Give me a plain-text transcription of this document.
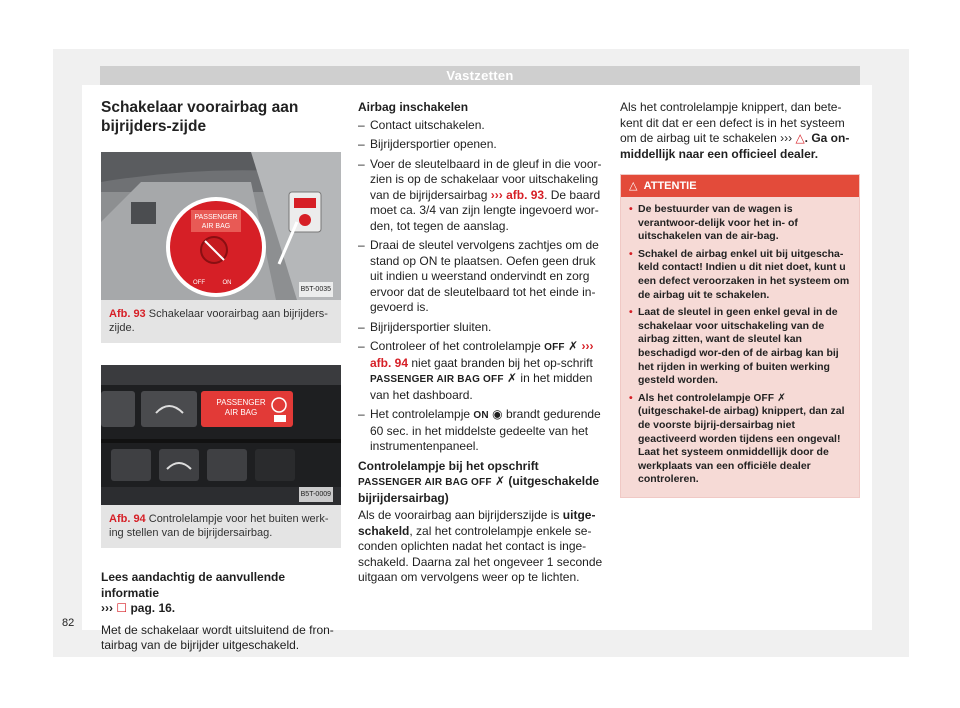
Vastzetten
Schakelaar voorairbag aan bijrijders-zijde
PASSENGER
AIR BAG
OFF	ON
B5T-0035
Afb. 93 Schakelaar voorairbag aan bijrijders-zijde.
PASSENGER
AIR BAG
B5T-0009
Afb. 94 Controlelampje voor het buiten werk-ing stellen van de bijrijdersairbag.

Lees aandachtig de aanvullende informatie
››› ☐ pag. 16.

Met de schakelaar wordt uitsluitend de fron-tairbag van de bijrijder uitgeschakeld.

Airbag inschakelen
– Contact uitschakelen.
– Bijrijdersportier openen.
– Voer de sleutelbaard in de gleuf in die voor-zien is op de schakelaar voor uitschakeling van de bijrijdersairbag ››› afb. 93. De baard moet ca. 3/4 van zijn lengte ingevoerd wor-den, tot tegen de aanslag.
– Draai de sleutel vervolgens zachtjes om de stand op ON te plaatsen. Oefen geen druk uit indien u weerstand ondervindt en zorg ervoor dat de sleutelbaard tot het einde in-gevoerd is.
– Bijrijdersportier sluiten.
– Controleer of het controlelampje OFF ✗ ››› afb. 94 niet gaat branden bij het op-schrift PASSENGER AIR BAG OFF ✗ in het midden van het dashboard.
– Het controlelampje ON ◉ brandt gedurende 60 sec. in het middelste gedeelte van het instrumentenpaneel.
Controlelampje bij het opschrift PASSENGER AIR BAG OFF ✗ (uitgeschakelde bijrijdersairbag)

Als de voorairbag aan bijrijderszijde is uitge-schakeld, zal het controlelampje enkele se-conden oplichten nadat het contact is inge-schakeld. Daarna zal het ongeveer 1 seconde uitgaan om vervolgens weer op te lichten.

Als het controlelampje knippert, dan bete-kent dit dat er een defect is in het systeem om de airbag uit te schakelen ››› △. Ga on-middellijk naar een officieel dealer.

△ ATTENTIE
• De bestuurder van de wagen is verantwoor-delijk voor het in- of uitschakelen van de air-bag.
• Schakel de airbag enkel uit bij uitgescha-keld contact! Indien u dit niet doet, kunt u een defect veroorzaken in het systeem om de airbag uit te schakelen.
• Laat de sleutel in geen enkel geval in de schakelaar voor uitschakeling van de airbag zitten, want de sleutel kan beschadigd wor-den of de airbag kan bij het rijden in werking of buiten werking gesteld worden.
• Als het controlelampje OFF ✗ (uitgeschakel-de airbag) knippert, dan zal de voorste bijrij-dersairbag niet geactiveerd worden tijdens een ongeval! Laat het systeem onmiddellijk door de werkplaats van een officiële dealer controleren.
82
